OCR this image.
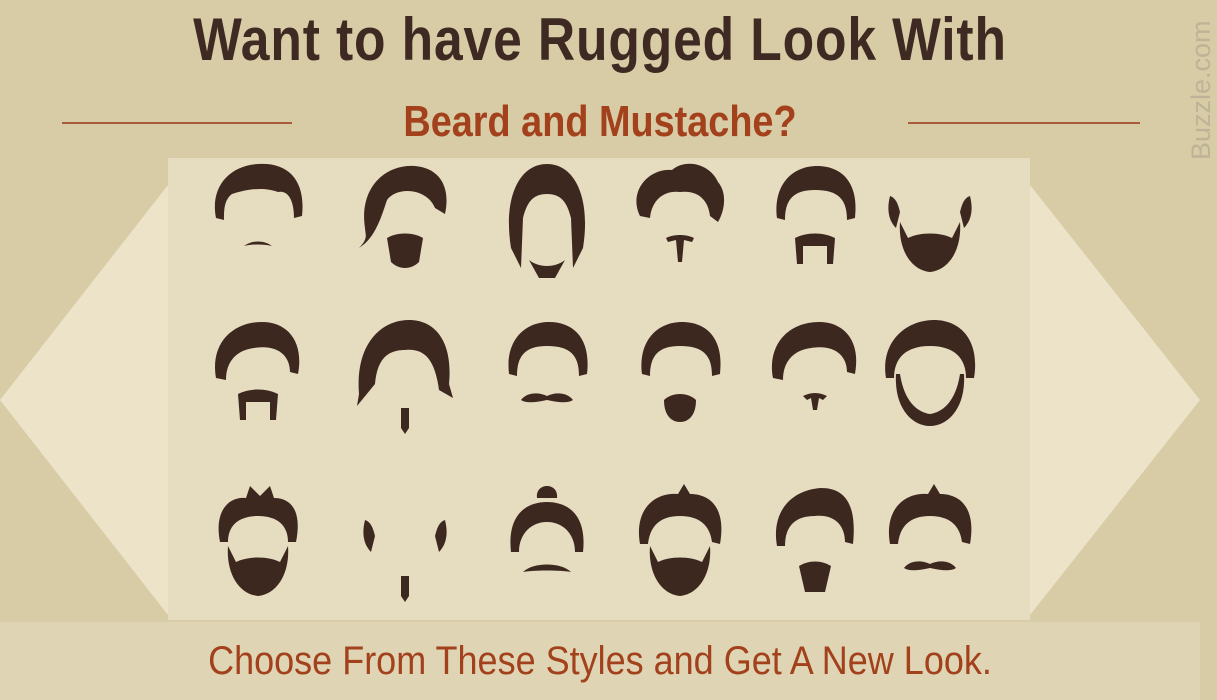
Want to have Rugged Look With
Beard and Mustache?	Buzzle.com
Choose From These Styles and Get A New Look.
